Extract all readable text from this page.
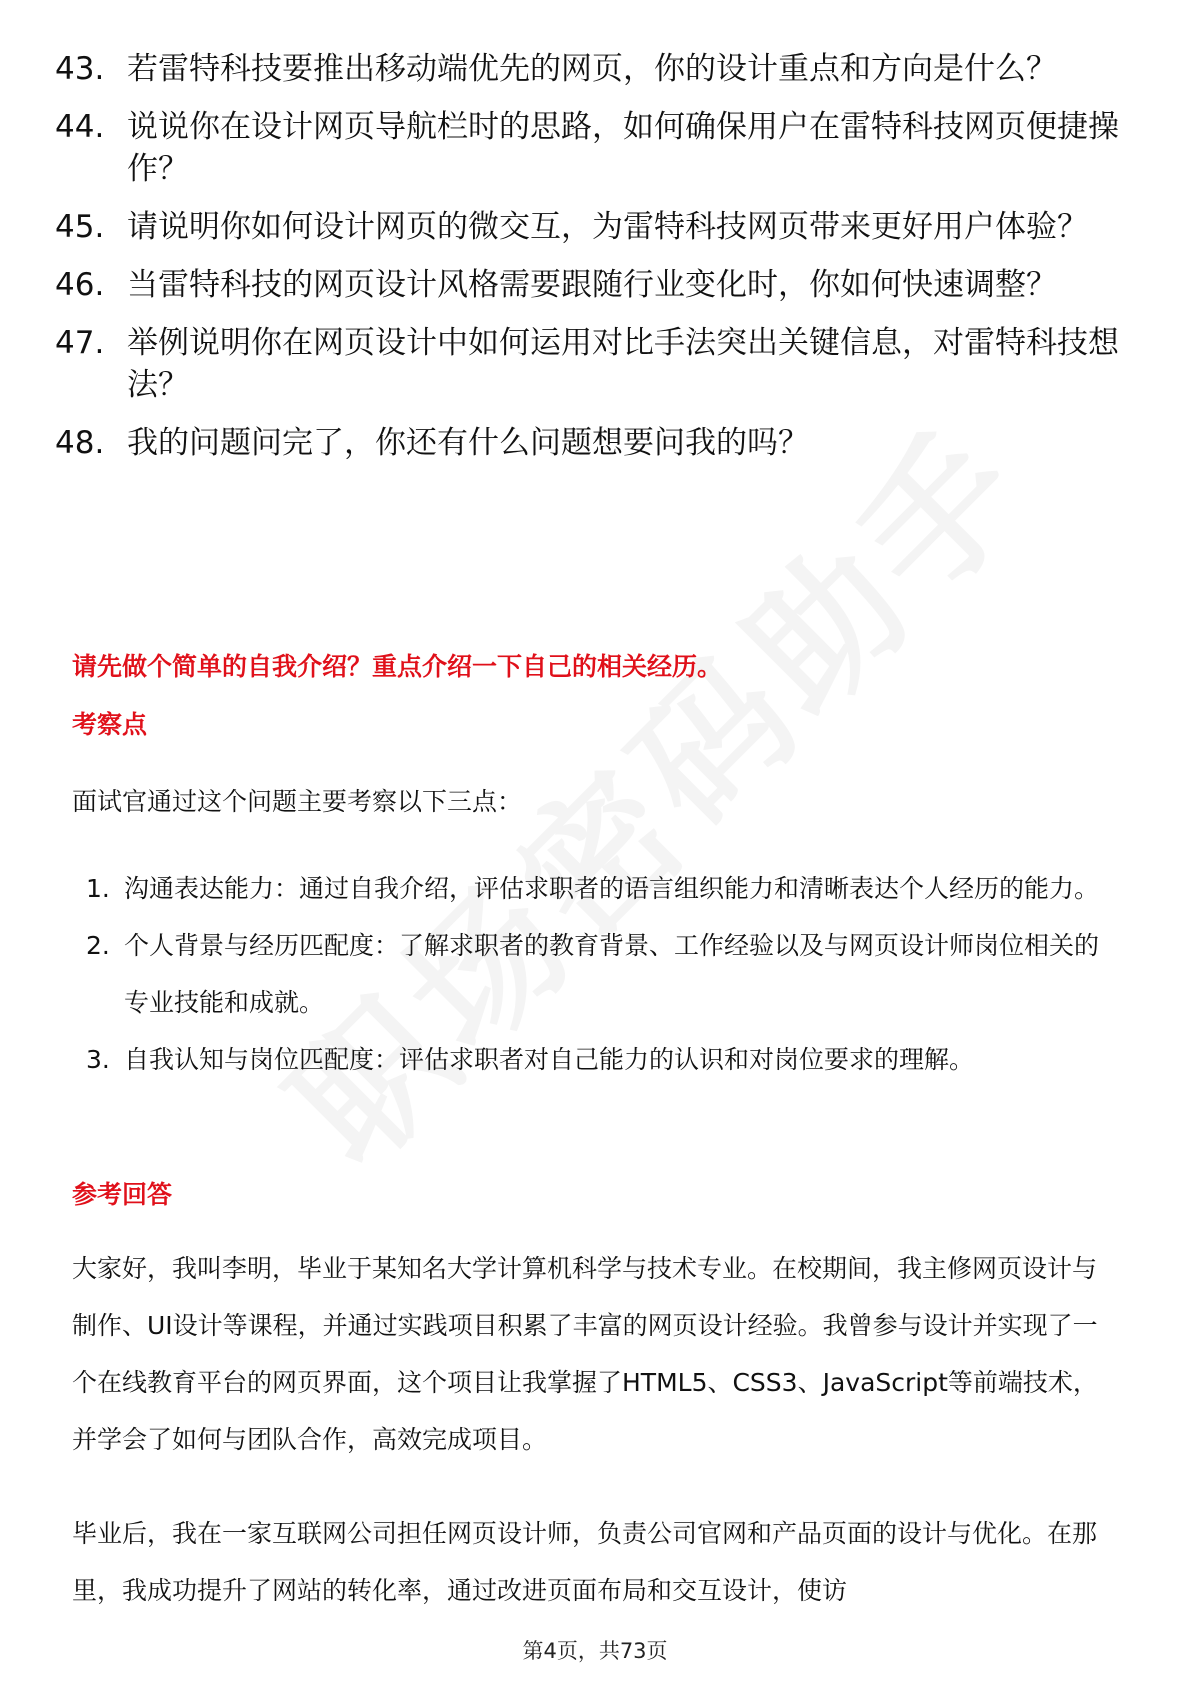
43. 若雷特科技要推出移动端优先的网页，你的设计重点和方向是什么？
44. 说说你在设计网页导航栏时的思路，如何确保用户在雷特科技网页便捷操作？
45. 请说明你如何设计网页的微交互，为雷特科技网页带来更好用户体验？
46. 当雷特科技的网页设计风格需要跟随行业变化时，你如何快速调整？
47. 举例说明你在网页设计中如何运用对比手法突出关键信息，对雷特科技想法？
48. 我的问题问完了，你还有什么问题想要问我的吗？
请先做个简单的自我介绍？重点介绍一下自己的相关经历。
考察点
面试官通过这个问题主要考察以下三点：
1. 沟通表达能力：通过自我介绍，评估求职者的语言组织能力和清晰表达个人经历的能力。
2. 个人背景与经历匹配度：了解求职者的教育背景、工作经验以及与网页设计师岗位相关的专业技能和成就。
3. 自我认知与岗位匹配度：评估求职者对自己能力的认识和对岗位要求的理解。
参考回答
大家好，我叫李明，毕业于某知名大学计算机科学与技术专业。在校期间，我主修网页设计与制作、UI设计等课程，并通过实践项目积累了丰富的网页设计经验。我曾参与设计并实现了一个在线教育平台的网页界面，这个项目让我掌握了HTML5、CSS3、JavaScript等前端技术，并学会了如何与团队合作，高效完成项目。
毕业后，我在一家互联网公司担任网页设计师，负责公司官网和产品页面的设计与优化。在那里，我成功提升了网站的转化率，通过改进页面布局和交互设计，使访
第4页，共73页
